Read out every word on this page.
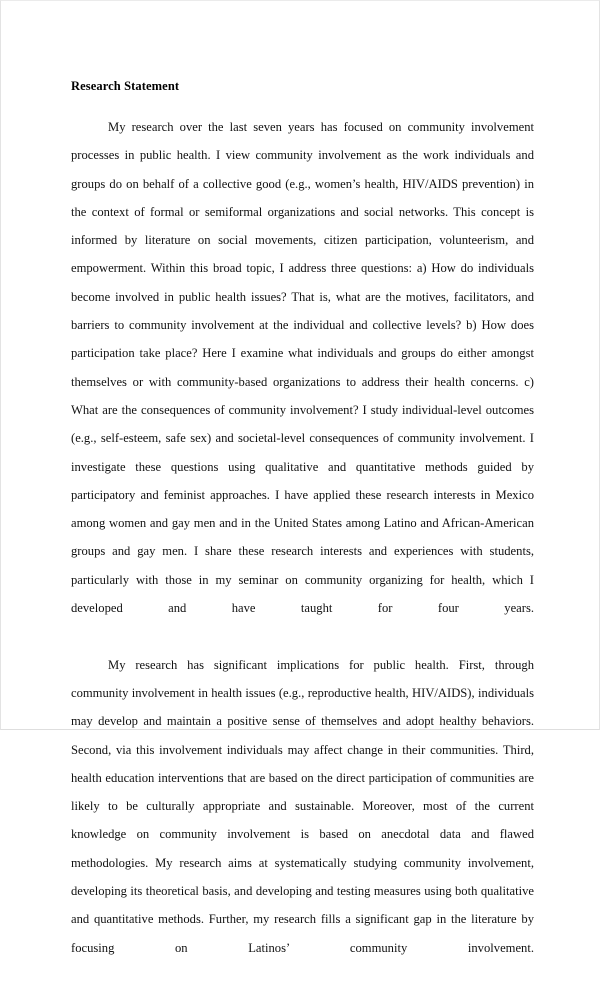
Research Statement

My research over the last seven years has focused on community involvement processes in public health. I view community involvement as the work individuals and groups do on behalf of a collective good (e.g., women’s health, HIV/AIDS prevention) in the context of formal or semiformal organizations and social networks. This concept is informed by literature on social movements, citizen participation, volunteerism, and empowerment. Within this broad topic, I address three questions: a) How do individuals become involved in public health issues? That is, what are the motives, facilitators, and barriers to community involvement at the individual and collective levels? b) How does participation take place? Here I examine what individuals and groups do either amongst themselves or with community-based organizations to address their health concerns. c) What are the consequences of community involvement? I study individual-level outcomes (e.g., self-esteem, safe sex) and societal-level consequences of community involvement. I investigate these questions using qualitative and quantitative methods guided by participatory and feminist approaches. I have applied these research interests in Mexico among women and gay men and in the United States among Latino and African-American groups and gay men. I share these research interests and experiences with students, particularly with those in my seminar on community organizing for health, which I developed and have taught for four years.

My research has significant implications for public health. First, through community involvement in health issues (e.g., reproductive health, HIV/AIDS), individuals may develop and maintain a positive sense of themselves and adopt healthy behaviors. Second, via this involvement individuals may affect change in their communities. Third, health education interventions that are based on the direct participation of communities are likely to be culturally appropriate and sustainable. Moreover, most of the current knowledge on community involvement is based on anecdotal data and flawed methodologies. My research aims at systematically studying community involvement, developing its theoretical basis, and developing and testing measures using both qualitative and quantitative methods. Further, my research fills a significant gap in the literature by focusing on Latinos’ community involvement.
